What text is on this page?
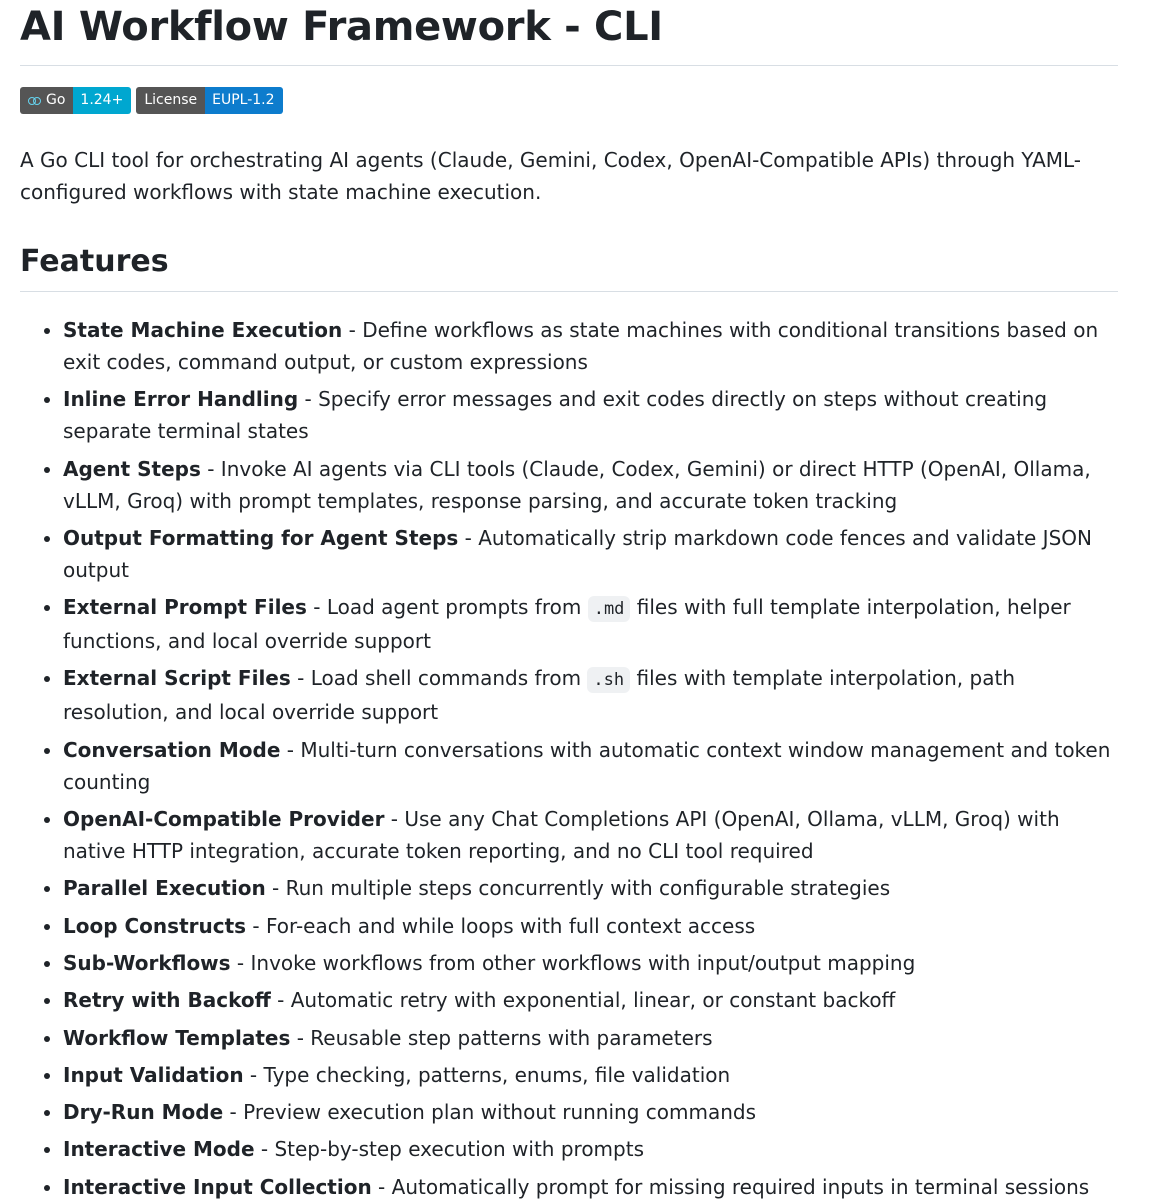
AI Workflow Framework - CLI
Go	1.24+	License	EUPL-1.2

A Go CLI tool for orchestrating AI agents (Claude, Gemini, Codex, OpenAI-Compatible APIs) through YAML-configured workflows with state machine execution.

Features
• State Machine Execution - Define workflows as state machines with conditional transitions based on exit codes, command output, or custom expressions
• Inline Error Handling - Specify error messages and exit codes directly on steps without creating separate terminal states
• Agent Steps - Invoke AI agents via CLI tools (Claude, Codex, Gemini) or direct HTTP (OpenAI, Ollama, vLLM, Groq) with prompt templates, response parsing, and accurate token tracking
• Output Formatting for Agent Steps - Automatically strip markdown code fences and validate JSON output
• External Prompt Files - Load agent prompts from .md files with full template interpolation, helper functions, and local override support
• External Script Files - Load shell commands from .sh files with template interpolation, path resolution, and local override support
• Conversation Mode - Multi-turn conversations with automatic context window management and token counting
• OpenAI-Compatible Provider - Use any Chat Completions API (OpenAI, Ollama, vLLM, Groq) with native HTTP integration, accurate token reporting, and no CLI tool required
• Parallel Execution - Run multiple steps concurrently with configurable strategies
• Loop Constructs - For-each and while loops with full context access
• Sub-Workflows - Invoke workflows from other workflows with input/output mapping
• Retry with Backoff - Automatic retry with exponential, linear, or constant backoff
• Workflow Templates - Reusable step patterns with parameters
• Input Validation - Type checking, patterns, enums, file validation
• Dry-Run Mode - Preview execution plan without running commands
• Interactive Mode - Step-by-step execution with prompts
• Interactive Input Collection - Automatically prompt for missing required inputs in terminal sessions
